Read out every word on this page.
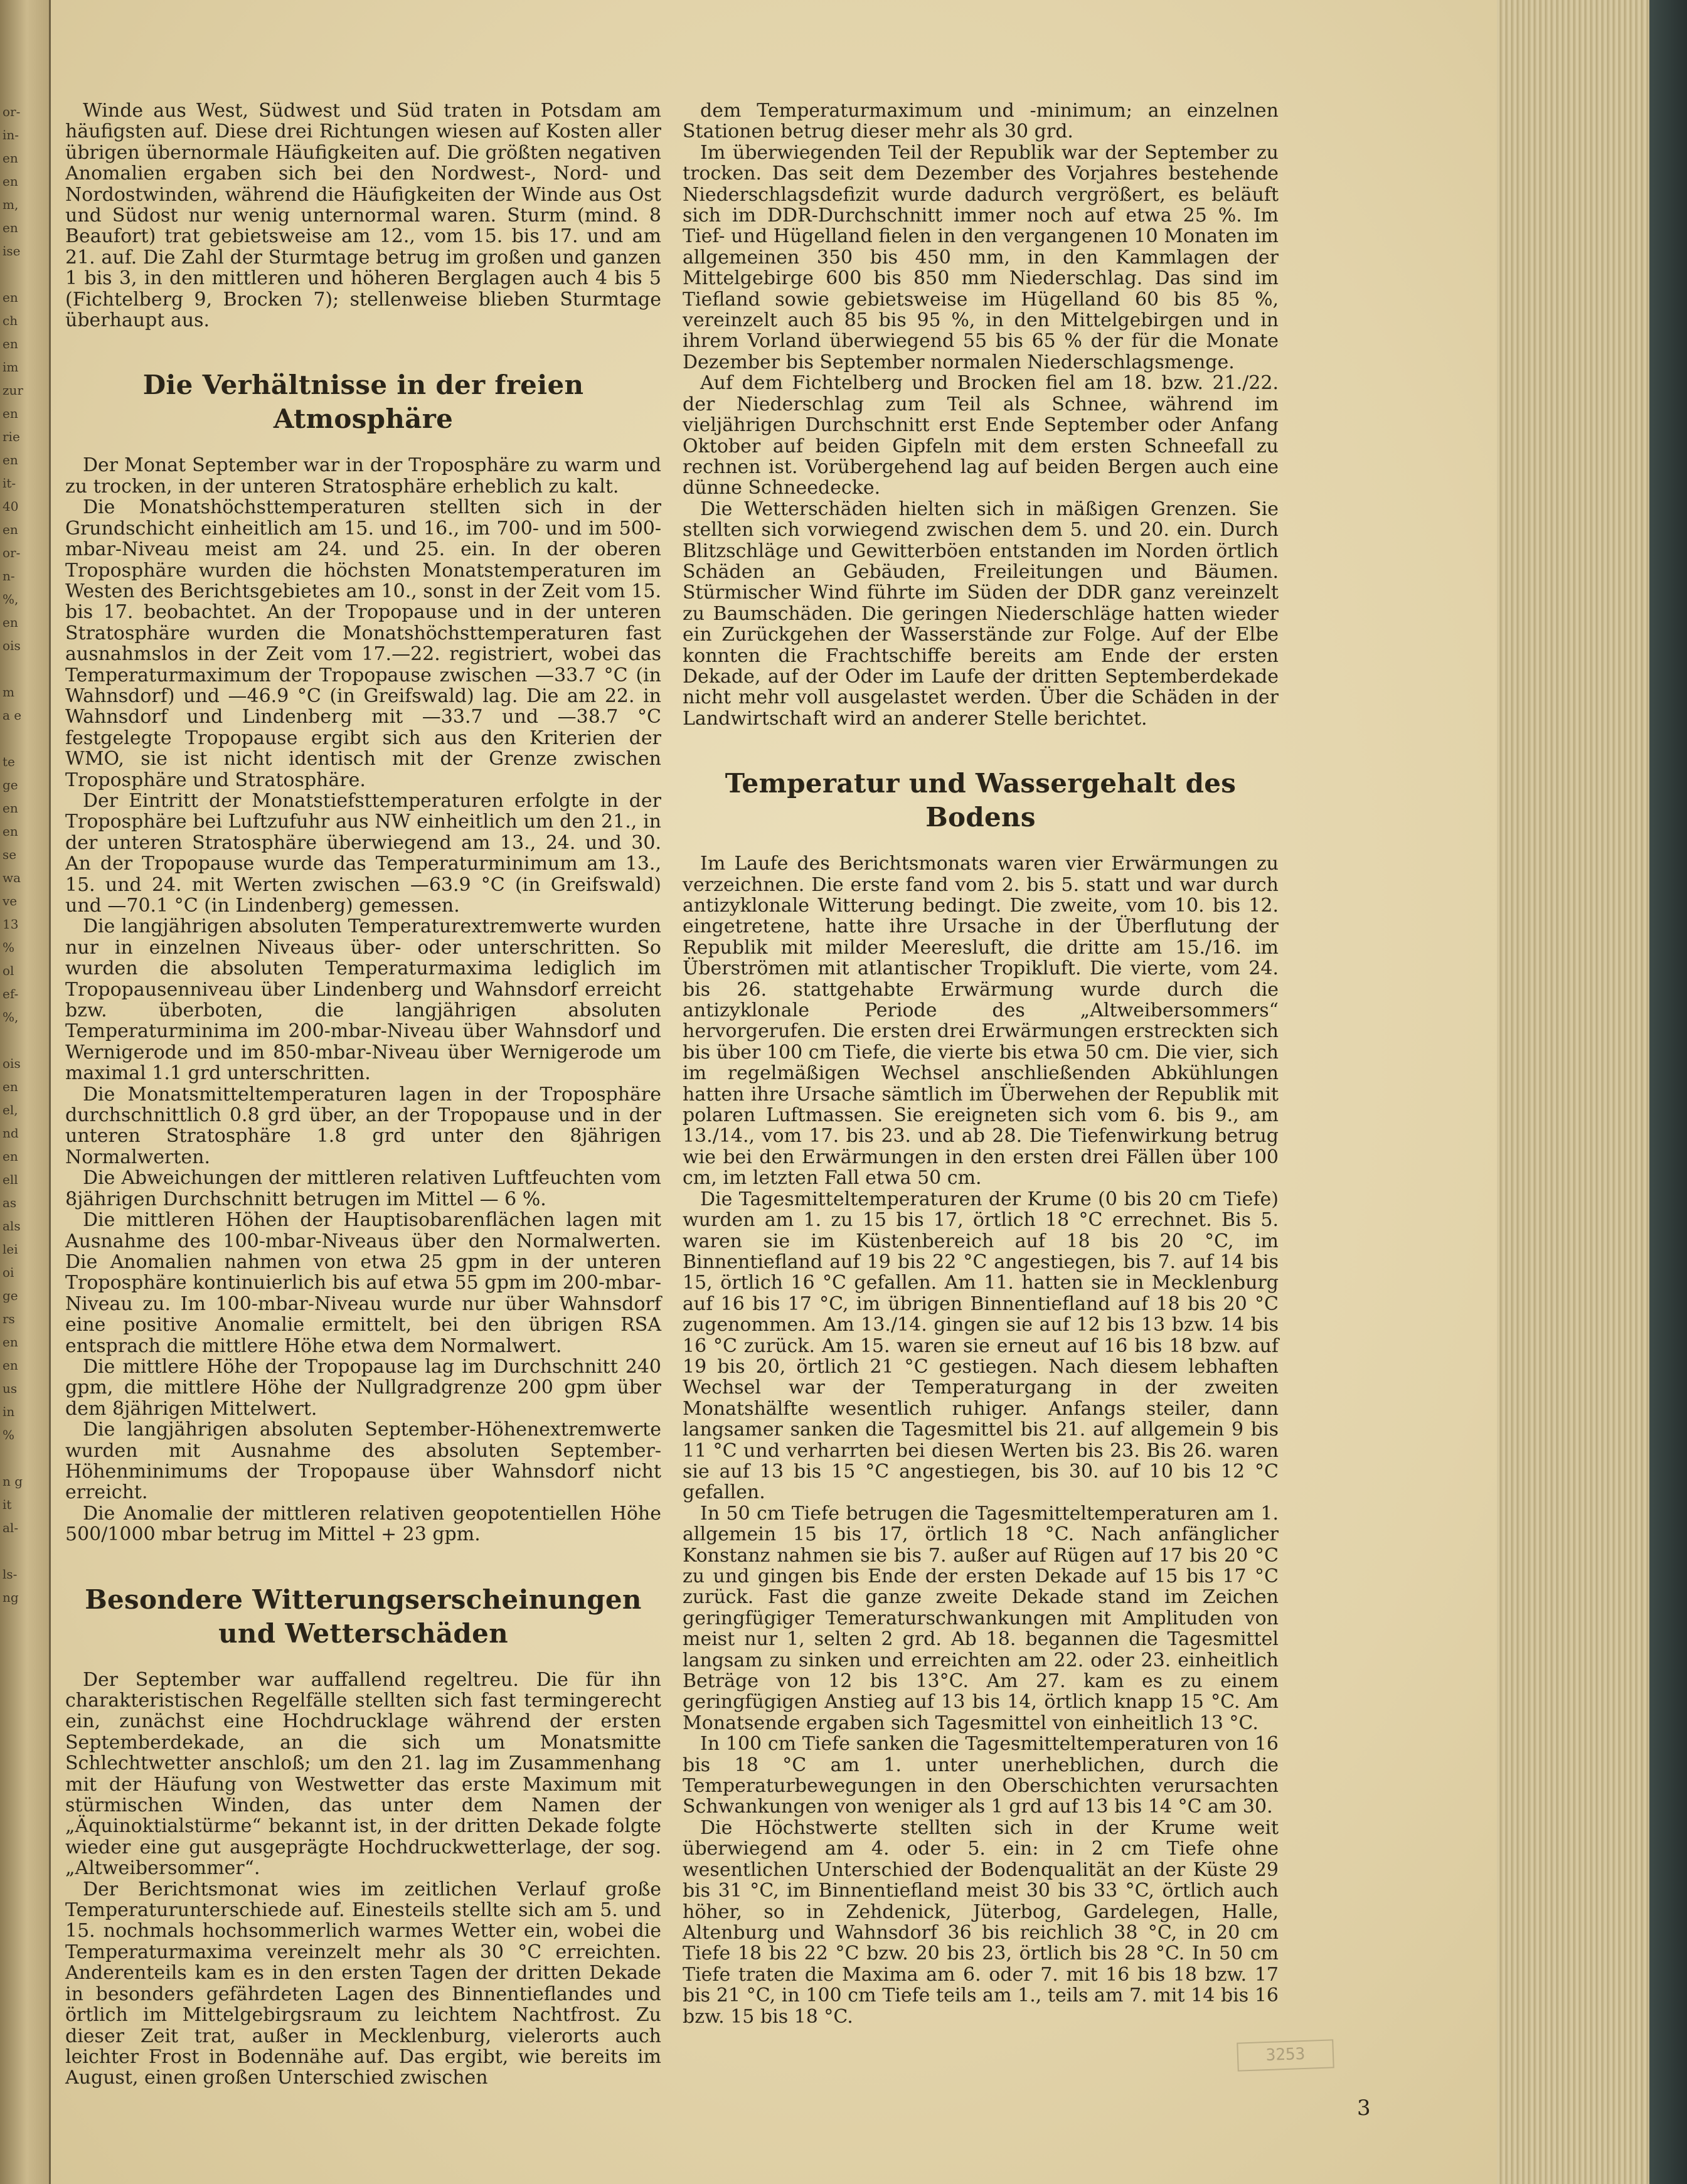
or-
in-
en
en
m,
en
ise

en
ch
en
im
zur
en
rie
en
it-
40
en
or-
n-
%,
en
ois

m
a e

te
ge
en
en
se
wa
ve
13
%
ol
ef-
%,

ois
en
el,
nd
en
ell
as
als
lei
oi
ge
rs
en
en
us
in
%

n g
it
al-

ls-
ng

Winde aus West, Südwest und Süd traten in Potsdam am häufigsten auf. Diese drei Richtungen wiesen auf Kosten aller übrigen übernormale Häufigkeiten auf. Die größten negativen Anomalien ergaben sich bei den Nordwest-, Nord- und Nordostwinden, während die Häufigkeiten der Winde aus Ost und Südost nur wenig unternormal waren. Sturm (mind. 8 Beaufort) trat gebietsweise am 12., vom 15. bis 17. und am 21. auf. Die Zahl der Sturmtage betrug im großen und ganzen 1 bis 3, in den mittleren und höheren Berglagen auch 4 bis 5 (Fichtelberg 9, Brocken 7); stellenweise blieben Sturmtage überhaupt aus.

Die Verhältnisse in der freien Atmosphäre

Der Monat September war in der Troposphäre zu warm und zu trocken, in der unteren Stratosphäre erheblich zu kalt.

Die Monatshöchsttemperaturen stellten sich in der Grundschicht einheitlich am 15. und 16., im 700- und im 500-mbar-Niveau meist am 24. und 25. ein. In der oberen Troposphäre wurden die höchsten Monatstemperaturen im Westen des Berichtsgebietes am 10., sonst in der Zeit vom 15. bis 17. beobachtet. An der Tropopause und in der unteren Stratosphäre wurden die Monatshöchsttemperaturen fast ausnahmslos in der Zeit vom 17.—22. registriert, wobei das Temperaturmaximum der Tropopause zwischen —33.7 °C (in Wahnsdorf) und —46.9 °C (in Greifswald) lag. Die am 22. in Wahnsdorf und Lindenberg mit —33.7 und —38.7 °C festgelegte Tropopause ergibt sich aus den Kriterien der WMO, sie ist nicht identisch mit der Grenze zwischen Troposphäre und Stratosphäre.

Der Eintritt der Monatstiefsttemperaturen erfolgte in der Troposphäre bei Luftzufuhr aus NW einheitlich um den 21., in der unteren Stratosphäre überwiegend am 13., 24. und 30. An der Tropopause wurde das Temperaturminimum am 13., 15. und 24. mit Werten zwischen —63.9 °C (in Greifswald) und —70.1 °C (in Lindenberg) gemessen.

Die langjährigen absoluten Temperaturextremwerte wurden nur in einzelnen Niveaus über- oder unterschritten. So wurden die absoluten Temperaturmaxima lediglich im Tropopausenniveau über Lindenberg und Wahnsdorf erreicht bzw. überboten, die langjährigen absoluten Temperaturminima im 200-mbar-Niveau über Wahnsdorf und Wernigerode und im 850-mbar-Niveau über Wernigerode um maximal 1.1 grd unterschritten.

Die Monatsmitteltemperaturen lagen in der Troposphäre durchschnittlich 0.8 grd über, an der Tropopause und in der unteren Stratosphäre 1.8 grd unter den 8jährigen Normalwerten.

Die Abweichungen der mittleren relativen Luftfeuchten vom 8jährigen Durchschnitt betrugen im Mittel — 6 %.

Die mittleren Höhen der Hauptisobarenflächen lagen mit Ausnahme des 100-mbar-Niveaus über den Normalwerten. Die Anomalien nahmen von etwa 25 gpm in der unteren Troposphäre kontinuierlich bis auf etwa 55 gpm im 200-mbar-Niveau zu. Im 100-mbar-Niveau wurde nur über Wahnsdorf eine positive Anomalie ermittelt, bei den übrigen RSA entsprach die mittlere Höhe etwa dem Normalwert.

Die mittlere Höhe der Tropopause lag im Durchschnitt 240 gpm, die mittlere Höhe der Nullgradgrenze 200 gpm über dem 8jährigen Mittelwert.

Die langjährigen absoluten September-Höhenextremwerte wurden mit Ausnahme des absoluten September-Höhenminimums der Tropopause über Wahnsdorf nicht erreicht.

Die Anomalie der mittleren relativen geopotentiellen Höhe 500/1000 mbar betrug im Mittel + 23 gpm.

Besondere Witterungserscheinungen und Wetterschäden

Der September war auffallend regeltreu. Die für ihn charakteristischen Regelfälle stellten sich fast termingerecht ein, zunächst eine Hochdrucklage während der ersten Septemberdekade, an die sich um Monatsmitte Schlechtwetter anschloß; um den 21. lag im Zusammenhang mit der Häufung von Westwetter das erste Maximum mit stürmischen Winden, das unter dem Namen der „Äquinoktialstürme“ bekannt ist, in der dritten Dekade folgte wieder eine gut ausgeprägte Hochdruckwetterlage, der sog. „Altweibersommer“.

Der Berichtsmonat wies im zeitlichen Verlauf große Temperaturunterschiede auf. Einesteils stellte sich am 5. und 15. nochmals hochsommerlich warmes Wetter ein, wobei die Temperaturmaxima vereinzelt mehr als 30 °C erreichten. Anderenteils kam es in den ersten Tagen der dritten Dekade in besonders gefährdeten Lagen des Binnentieflandes und örtlich im Mittelgebirgsraum zu leichtem Nachtfrost. Zu dieser Zeit trat, außer in Mecklenburg, vielerorts auch leichter Frost in Bodennähe auf. Das ergibt, wie bereits im August, einen großen Unterschied zwischen

dem Temperaturmaximum und -minimum; an einzelnen Stationen betrug dieser mehr als 30 grd.

Im überwiegenden Teil der Republik war der September zu trocken. Das seit dem Dezember des Vorjahres bestehende Niederschlagsdefizit wurde dadurch vergrößert, es beläuft sich im DDR-Durchschnitt immer noch auf etwa 25 %. Im Tief- und Hügelland fielen in den vergangenen 10 Monaten im allgemeinen 350 bis 450 mm, in den Kammlagen der Mittelgebirge 600 bis 850 mm Niederschlag. Das sind im Tiefland sowie gebietsweise im Hügelland 60 bis 85 %, vereinzelt auch 85 bis 95 %, in den Mittelgebirgen und in ihrem Vorland überwiegend 55 bis 65 % der für die Monate Dezember bis September normalen Niederschlagsmenge.

Auf dem Fichtelberg und Brocken fiel am 18. bzw. 21./22. der Niederschlag zum Teil als Schnee, während im vieljährigen Durchschnitt erst Ende September oder Anfang Oktober auf beiden Gipfeln mit dem ersten Schneefall zu rechnen ist. Vorübergehend lag auf beiden Bergen auch eine dünne Schneedecke.

Die Wetterschäden hielten sich in mäßigen Grenzen. Sie stellten sich vorwiegend zwischen dem 5. und 20. ein. Durch Blitzschläge und Gewitterböen entstanden im Norden örtlich Schäden an Gebäuden, Freileitungen und Bäumen. Stürmischer Wind führte im Süden der DDR ganz vereinzelt zu Baumschäden. Die geringen Niederschläge hatten wieder ein Zurückgehen der Wasserstände zur Folge. Auf der Elbe konnten die Frachtschiffe bereits am Ende der ersten Dekade, auf der Oder im Laufe der dritten Septemberdekade nicht mehr voll ausgelastet werden. Über die Schäden in der Landwirtschaft wird an anderer Stelle berichtet.

Temperatur und Wassergehalt des Bodens

Im Laufe des Berichtsmonats waren vier Erwärmungen zu verzeichnen. Die erste fand vom 2. bis 5. statt und war durch antizyklonale Witterung bedingt. Die zweite, vom 10. bis 12. eingetretene, hatte ihre Ursache in der Überflutung der Republik mit milder Meeresluft, die dritte am 15./16. im Überströmen mit atlantischer Tropikluft. Die vierte, vom 24. bis 26. stattgehabte Erwärmung wurde durch die antizyklonale Periode des „Altweibersommers“ hervorgerufen. Die ersten drei Erwärmungen erstreckten sich bis über 100 cm Tiefe, die vierte bis etwa 50 cm. Die vier, sich im regelmäßigen Wechsel anschließenden Abkühlungen hatten ihre Ursache sämtlich im Überwehen der Republik mit polaren Luftmassen. Sie ereigneten sich vom 6. bis 9., am 13./14., vom 17. bis 23. und ab 28. Die Tiefenwirkung betrug wie bei den Erwärmungen in den ersten drei Fällen über 100 cm, im letzten Fall etwa 50 cm.

Die Tagesmitteltemperaturen der Krume (0 bis 20 cm Tiefe) wurden am 1. zu 15 bis 17, örtlich 18 °C errechnet. Bis 5. waren sie im Küstenbereich auf 18 bis 20 °C, im Binnentiefland auf 19 bis 22 °C angestiegen, bis 7. auf 14 bis 15, örtlich 16 °C gefallen. Am 11. hatten sie in Mecklenburg auf 16 bis 17 °C, im übrigen Binnentiefland auf 18 bis 20 °C zugenommen. Am 13./14. gingen sie auf 12 bis 13 bzw. 14 bis 16 °C zurück. Am 15. waren sie erneut auf 16 bis 18 bzw. auf 19 bis 20, örtlich 21 °C gestiegen. Nach diesem lebhaften Wechsel war der Temperaturgang in der zweiten Monatshälfte wesentlich ruhiger. Anfangs steiler, dann langsamer sanken die Tagesmittel bis 21. auf allgemein 9 bis 11 °C und verharrten bei diesen Werten bis 23. Bis 26. waren sie auf 13 bis 15 °C angestiegen, bis 30. auf 10 bis 12 °C gefallen.

In 50 cm Tiefe betrugen die Tagesmitteltemperaturen am 1. allgemein 15 bis 17, örtlich 18 °C. Nach anfänglicher Konstanz nahmen sie bis 7. außer auf Rügen auf 17 bis 20 °C zu und gingen bis Ende der ersten Dekade auf 15 bis 17 °C zurück. Fast die ganze zweite Dekade stand im Zeichen geringfügiger Temeraturschwankungen mit Amplituden von meist nur 1, selten 2 grd. Ab 18. begannen die Tagesmittel langsam zu sinken und erreichten am 22. oder 23. einheitlich Beträge von 12 bis 13°C. Am 27. kam es zu einem geringfügigen Anstieg auf 13 bis 14, örtlich knapp 15 °C. Am Monatsende ergaben sich Tagesmittel von einheitlich 13 °C.

In 100 cm Tiefe sanken die Tagesmitteltemperaturen von 16 bis 18 °C am 1. unter unerheblichen, durch die Temperaturbewegungen in den Oberschichten verursachten Schwankungen von weniger als 1 grd auf 13 bis 14 °C am 30.

Die Höchstwerte stellten sich in der Krume weit überwiegend am 4. oder 5. ein: in 2 cm Tiefe ohne wesentlichen Unterschied der Bodenqualität an der Küste 29 bis 31 °C, im Binnentiefland meist 30 bis 33 °C, örtlich auch höher, so in Zehdenick, Jüterbog, Gardelegen, Halle, Altenburg und Wahnsdorf 36 bis reichlich 38 °C, in 20 cm Tiefe 18 bis 22 °C bzw. 20 bis 23, örtlich bis 28 °C. In 50 cm Tiefe traten die Maxima am 6. oder 7. mit 16 bis 18 bzw. 17 bis 21 °C, in 100 cm Tiefe teils am 1., teils am 7. mit 14 bis 16 bzw. 15 bis 18 °C.

3253
3
